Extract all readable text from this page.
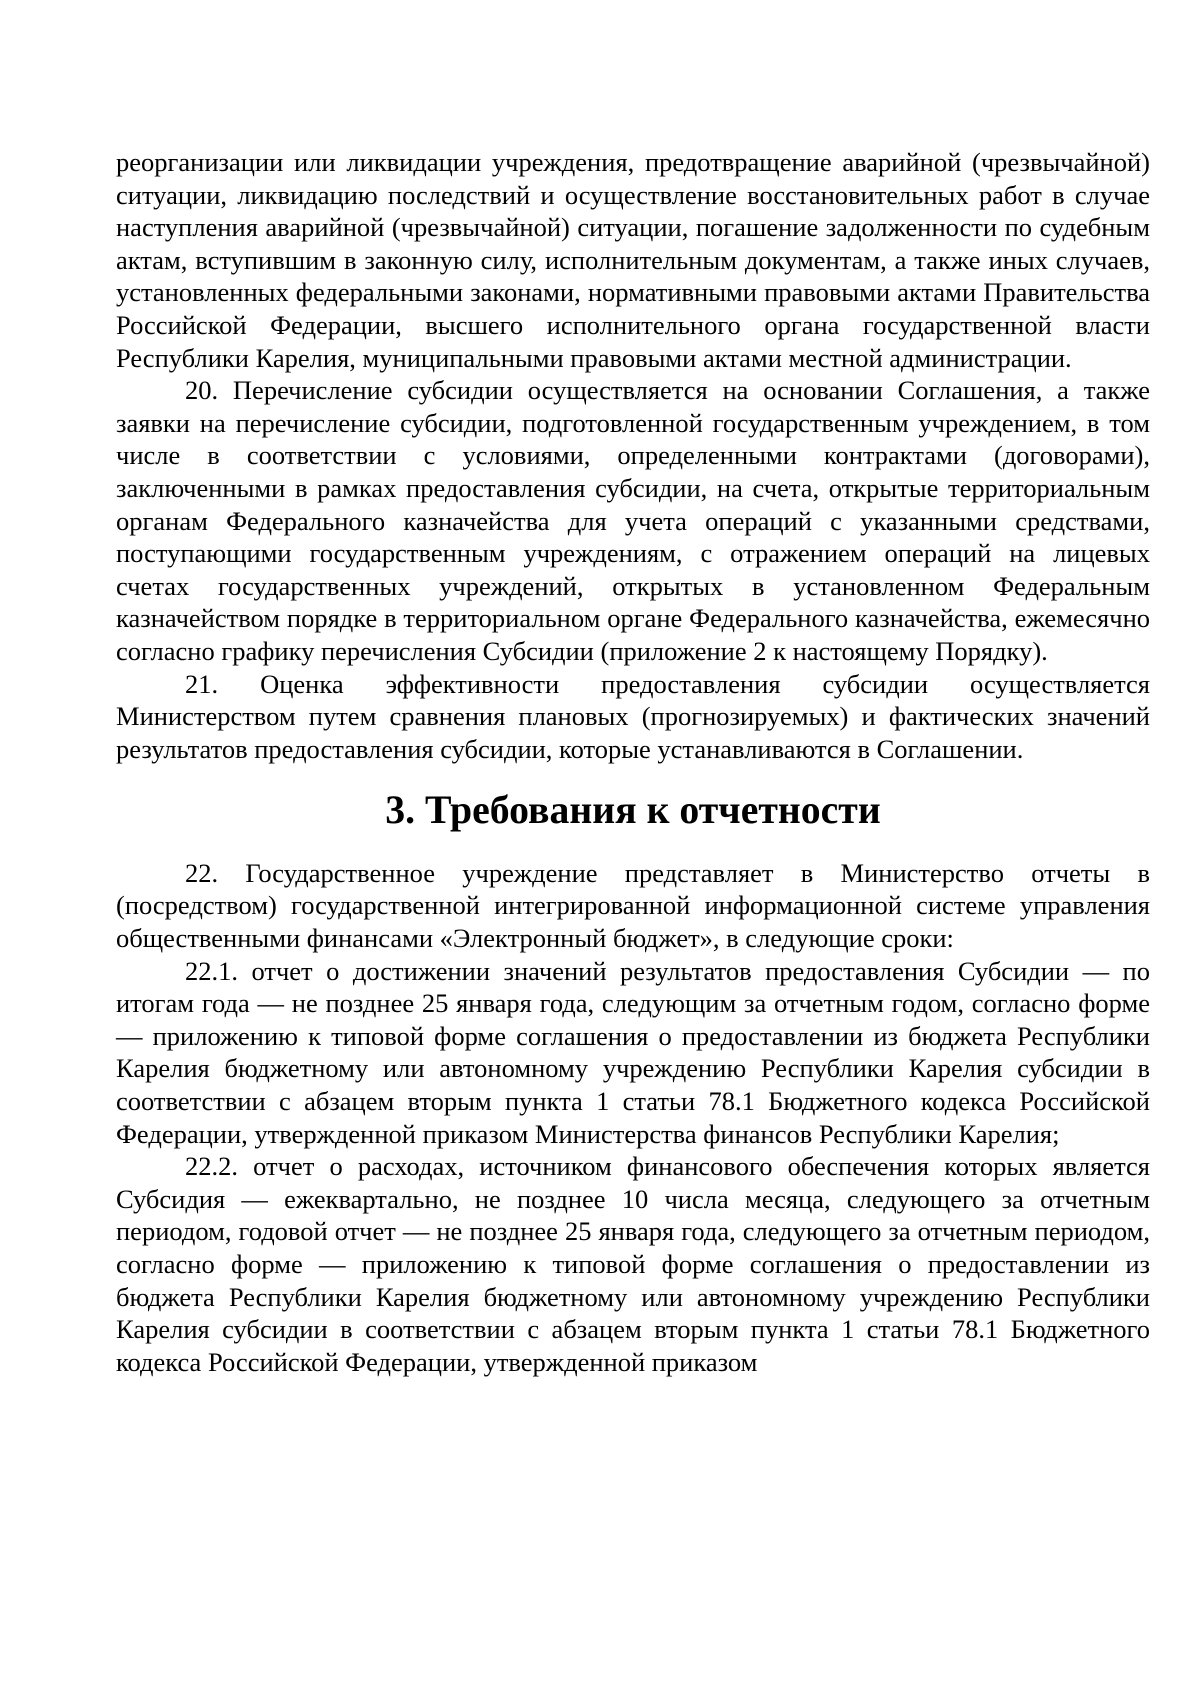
реорганизации или ликвидации учреждения, предотвращение аварийной (чрезвычайной) ситуации, ликвидацию последствий и осуществление восстановительных работ в случае наступления аварийной (чрезвычайной) ситуации, погашение задолженности по судебным актам, вступившим в законную силу, исполнительным документам, а также иных случаев, установленных федеральными законами, нормативными правовыми актами Правительства Российской Федерации, высшего исполнительного органа государственной власти Республики Карелия, муниципальными правовыми актами местной администрации.

20. Перечисление субсидии осуществляется на основании Соглашения, а также заявки на перечисление субсидии, подготовленной государственным учреждением, в том числе в соответствии с условиями, определенными контрактами (договорами), заключенными в рамках предоставления субсидии, на счета, открытые территориальным органам Федерального казначейства для учета операций с указанными средствами, поступающими государственным учреждениям, с отражением операций на лицевых счетах государственных учреждений, открытых в установленном Федеральным казначейством порядке в территориальном органе Федерального казначейства, ежемесячно согласно графику перечисления Субсидии (приложение 2 к настоящему Порядку).

21. Оценка эффективности предоставления субсидии осуществляется Министерством путем сравнения плановых (прогнозируемых) и фактических значений результатов предоставления субсидии, которые устанавливаются в Соглашении.

3. Требования к отчетности

22. Государственное учреждение представляет в Министерство отчеты в (посредством) государственной интегрированной информационной системе управления общественными финансами «Электронный бюджет», в следующие сроки:

22.1. отчет о достижении значений результатов предоставления Субсидии — по итогам года — не позднее 25 января года, следующим за отчетным годом, согласно форме — приложению к типовой форме соглашения о предоставлении из бюджета Республики Карелия бюджетному или автономному учреждению Республики Карелия субсидии в соответствии с абзацем вторым пункта 1 статьи 78.1 Бюджетного кодекса Российской Федерации, утвержденной приказом Министерства финансов Республики Карелия;

22.2. отчет о расходах, источником финансового обеспечения которых является Субсидия — ежеквартально, не позднее 10 числа месяца, следующего за отчетным периодом, годовой отчет — не позднее 25 января года, следующего за отчетным периодом, согласно форме — приложению к типовой форме соглашения о предоставлении из бюджета Республики Карелия бюджетному или автономному учреждению Республики Карелия субсидии в соответствии с абзацем вторым пункта 1 статьи 78.1 Бюджетного кодекса Российской Федерации, утвержденной приказом
